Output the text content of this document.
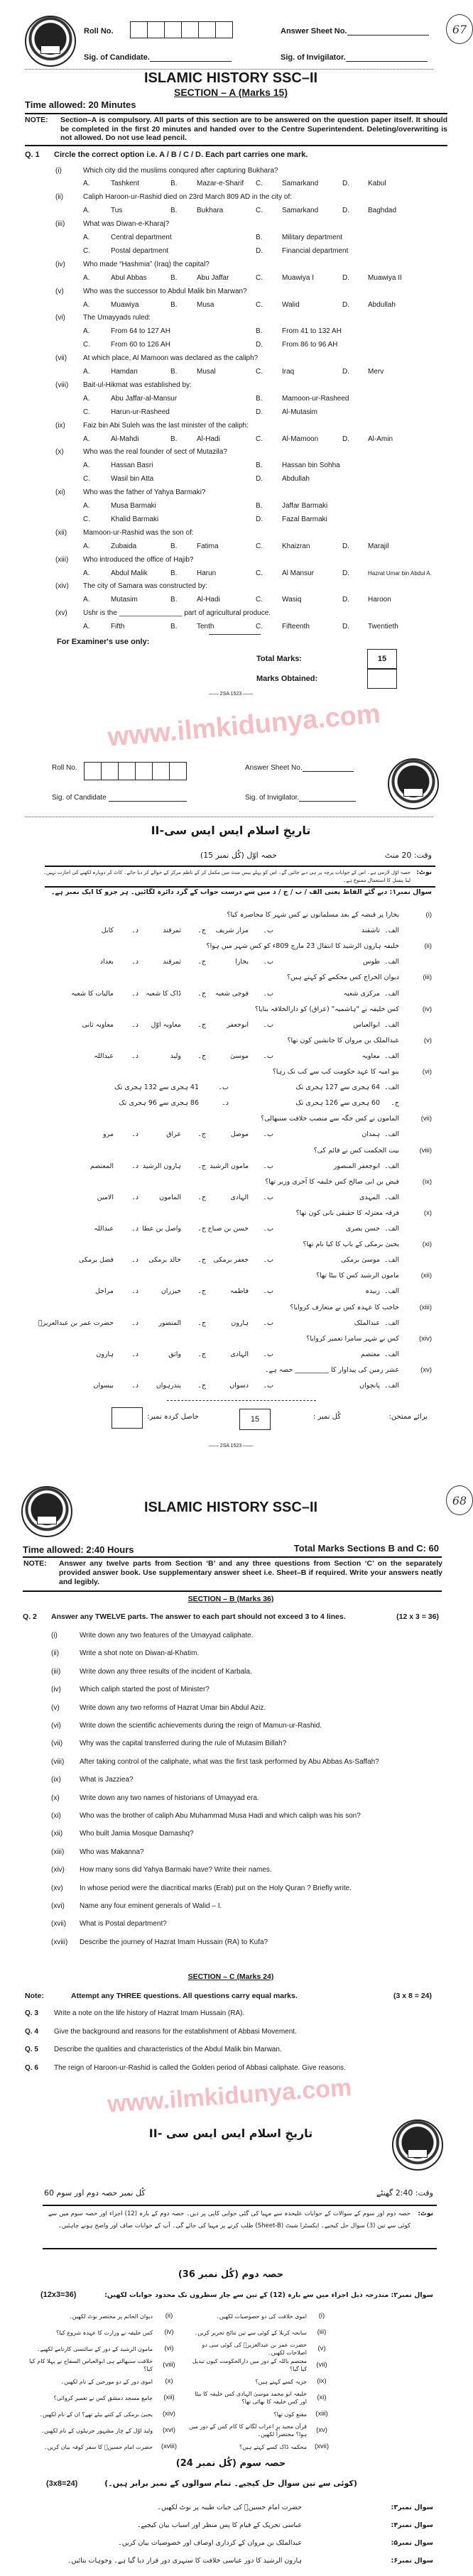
67
Roll No.	Answer Sheet No.
Sig. of Candidate.	Sig. of Invigilator.
ISLAMIC HISTORY SSC–II
SECTION – A (Marks 15)
Time allowed: 20 Minutes
NOTE: Section–A is compulsory. All parts of this section are to be answered on the question paper itself. It should be completed in the first 20 minutes and handed over to the Centre Superintendent. Deleting/overwriting is not allowed. Do not use lead pencil.
Q. 1 Circle the correct option i.e. A / B / C / D. Each part carries one mark.
(i)	Which city did the muslims conqured after capturing Bukhara?
A.	Tashkent	B.	Mazar-e-Sharif C.	Samarkand	D.	Kabul
(ii)	Caliph Haroon-ur-Rashid died on 23rd March 809 AD in the city of:
A.	Tus	B.	Bukhara	C.	Samarkand	D.	Baghdad
(iii)	What was Diwan-e-Kharaj?
A.	Central department	B.	Military department
C.	Postal department	D.	Financial department
(iv)	Who made “Hashmia” (Iraq) the capital?
A.	Abul Abbas	B.	Abu Jaffar	C.	Muawiya I	D.	Muawiya II
(v)	Who was the successor to Abdul Malik bin Marwan?
A.	Muawiya	B.	Musa	C.	Walid	D.	Abdullah
(vi)	The Umayyads ruled:
A.	From 64 to 127 AH	B.	From 41 to 132 AH
C.	From 60 to 126 AH	D.	From 86 to 96 AH
(vii) At which place, Al Mamoon was declared as the caliph?
A.	Hamdan	B.	Musal	C.	Iraq	D.	Merv
(viii) Bait-ul-Hikmat was established by:
A.	Abu Jaffar-al-Mansur	B.	Mamoon-ur-Rasheed
C.	Harun-ur-Rasheed	D.	Al-Mutasim
(ix)	Faiz bin Abi Suleh was the last minister of the caliph:
A.	Al-Mahdi	B.	Al-Hadi	C.	Al-Mamoon	D.	Al-Amin
(x)	Who was the real founder of sect of Mutazila?
A.	Hassan Basri	B.	Hassan bin Sohha
C.	Wasil bin Atta	D.	Abdullah
(xi)	Who was the father of Yahya Barmaki?
A.	Musa Barmaki	B.	Jaffar Barmaki
C.	Khalid Barmaki	D.	Fazal Barmaki
(xii) Mamoon-ur-Rashid was the son of:
A.	Zubaida	B.	Fatima	C.	Khaizran	D.	Marajil
(xiii) Who introduced the office of Hajib?
A.	Abdul Malik	B.	Harun	C.	Al Mansur	D.	Hazrat Umar bin Abdul A.
(xiv) The city of Samara was constructed by:
A.	Mutasim	B.	Al-Hadi	C.	Wasiq	D.	Haroon
(xv) Ushr is the ________________ part of agricultural produce.
A.	Fifth	B.	Tenth	C.	Fifteenth	D.	Twentieth
For Examiner's use only:
Total Marks:	15
Marks Obtained:
—— 2SA 1523 ——
www.ilmkidunya.com
Roll No.	Answer Sheet No.
Sig. of Candidate	Sig. of Invigilator.
تاریخِ اسلام ایس ایس سی-II
وقت: 20 منٹ
حصہ اوّل (کُل نمبر 15)
نوٹ:
حصہ اوّل لازمی ہے۔ اس کے جوابات پرچہ پر ہی دیے جائیں گے۔ اس کو پہلے بیس منٹ میں مکمل کر کے ناظم مرکز کے حوالے کر دیا جائے۔ کاٹ کر دوبارہ لکھنے کی اجازت نہیں۔ لیڈ پنسل کا استعمال ممنوع ہے۔
سوال نمبر۱: دیے گئے الفاظ یعنی الف / ب / ج / د میں سے درست جواب کے گرد دائرہ لگائیں۔ ہر جزو کا ایک نمبر ہے۔
(i)
بخارا پر قبضہ کے بعد مسلمانوں نے کس شہر کا محاصرہ کیا؟
الف۔
تاشقند
ب۔
مزار شریف
ج۔
ثمرقند
د۔
کابل
(ii)
خلیفہ ہارون الرشید کا انتقال 23 مارچ 809ء کو کس شہر میں ہوا؟
الف۔
طوس
ب۔
بخارا
ج۔
ثمرقند
د۔
بغداد
(iii)
دیوان الخراج کس محکمے کو کہتے ہیں؟
الف۔
مرکزی شعبہ
ب۔
فوجی شعبہ
ج۔
ڈاک کا شعبہ
د۔
مالیات کا شعبہ
(iv)
کس خلیفہ نے "ہاشمیہ" (عراق) کو دارالخلافہ بنایا؟
الف۔
ابوالعباس
ب۔
ابوجعفر
ج۔
معاویہ اوّل
د۔
معاویہ ثانی
(v)
عبدالملک بن مروان کا جانشین کون تھا؟
الف۔
معاویہ
ب۔
موسیٰ
ج۔
ولید
د۔
عبداللہ
(vi)
بنو امیہ کا عہد حکومت کب سے کب تک رہا؟
الف۔
64 ہجری سے 127 ہجری تک
ب۔
41 ہجری سے 132 ہجری تک
ج۔
60 ہجری سے 126 ہجری تک
د۔
86 ہجری سے 96 ہجری تک
(vii)
المامون نے کس جگہ سے منصب خلافت سنبھالی؟
الف۔
ہمدان
ب۔
موصل
ج۔
عراق
د۔
مرو
(viii)
بیت الحکمت کس نے قائم کی؟
الف۔
ابوجعفر المنصور
ب۔
مامون الرشید
ج۔
ہارون الرشید
د۔
المعتصم
(ix)
فیض بن ابی صالح کس خلیفہ کا آخری وزیر تھا؟
الف۔
المہدی
ب۔
الہادی
ج۔
المامون
د۔
الامین
(x)
فرقہ معتزلہ کا حقیقی بانی کون تھا؟
الف۔
حسن بصری
ب۔
حسن بن صباح
ج۔
واصل بن عطا
د۔
عبداللہ
(xi)
یحییٰ برمکی کے باپ کا کیا نام تھا؟
الف۔
موسیٰ برمکی
ب۔
جعفر برمکی
ج۔
خالد برمکی
د۔
فضل برمکی
(xii)
مامون الرشید کس کا بیٹا تھا؟
الف۔
زبیدہ
ب۔
فاطمہ
ج۔
خیزران
د۔
مراجل
(xiii)
حاجب کا عہدہ کس نے متعارف کروایا؟
الف۔
عبدالملک
ب۔
ہارون
ج۔
المنصور
د۔
حضرت عمر بن عبدالعزیزؒ
(xiv)
کس نے شہر سامرا تعمیر کروایا؟
الف۔
معتصم
ب۔
الہادی
ج۔
واثق
د۔
ہارون
(xv)
عشر زمین کی پیداوار کا __________ حصہ ہے۔
الف۔
پانچواں
ب۔
دسواں
ج۔
پندرہواں
د۔
بیسواں
برائے ممتحن:
کُل نمبر :
15
حاصل کردہ نمبر:
—— 2SA 1523 ——
68
ISLAMIC HISTORY SSC–II
Time allowed: 2:40 Hours	Total Marks Sections B and C: 60
NOTE: Answer any twelve parts from Section ‘B’ and any three questions from Section ‘C’ on the separately provided answer book. Use supplementary answer sheet i.e. Sheet–B if required. Write your answers neatly and legibly.
SECTION – B (Marks 36)
Q. 2 Answer any TWELVE parts. The answer to each part should not exceed 3 to 4 lines.	(12 x 3 = 36)
(i)	Write down any two features of the Umayyad caliphate.
(ii)	Write a shot note on Diwan-al-Khatim.
(iii)	Write down any three results of the incident of Karbala.
(iv)	Which caliph started the post of Minister?
(v)	Write down any two reforms of Hazrat Umar bin Abdul Aziz.
(vi)	Write down the scientific achievements during the reign of Mamun-ur-Rashid.
(vii) Why was the capital transferred during the rule of Mutasim Billah?
(viii) After taking control of the caliphate, what was the first task performed by Abu Abbas As-Saffah?
(ix)	What is Jazziea?
(x)	Write down any two names of historians of Umayyad era.
(xi)	Who was the brother of caliph Abu Muhammad Musa Hadi and which caliph was his son?
(xii) Who built Jamia Mosque Damashq?
(xiii) Who was Makanna?
(xiv) How many sons did Yahya Barmaki have? Write their names.
(xv) In whose period were the diacritical marks (Erab) put on the Holy Quran ? Briefly write.
(xvi) Name any four eminent generals of Walid – I.
(xvii) What is Postal department?
(xviii) Describe the journey of Hazrat Imam Hussain (RA) to Kufa?
SECTION – C (Marks 24)
Note:	Attempt any THREE questions. All questions carry equal marks.	(3 x 8 = 24)
Q. 3 Write a note on the life history of Hazrat Imam Hussain (RA).
Q. 4 Give the background and reasons for the establishment of Abbasi Movement.
Q. 5 Describe the qualities and characteristics of the Abdul Malik bin Marwan.
Q. 6 The reign of Haroon-ur-Rashid is called the Golden period of Abbasi caliphate. Give reasons.
www.ilmkidunya.com
تاریخِ اسلام ایس ایس سی -II
وقت: 2:40 گھنٹے
کُل نمبر حصہ دوم اور سوم 60
نوٹ:
حصہ دوم اور سوم کے سوالات کے جوابات علیحدہ سے مہیا کی گئی جوابی کاپی پر دیں۔ حصہ دوم کے بارہ (12) اجزاء اور حصہ سوم میں سے کوئی سے تین (3) سوال حل کیجیے۔ ایکسٹرا شیٹ (Sheet-B) طلب کرنے پر مہیا کی جائے گی۔ آپ کے جوابات صاف اور واضح ہونے چاہئیں۔
حصہ دوم (کُل نمبر 36)
سوال نمبر۲: مندرجہ ذیل اجزاء میں سے بارہ (12) کے تین سے چار سطروں تک محدود جوابات لکھیں:
(12x3=36)
(i)
اموی خلافت کی دو خصوصیات لکھیں۔
(ii)
دیوان الخاتم پر مختصر نوٹ لکھیں۔
(iii)
سانحہ کربلا کے کوئی سے تین نتائج تحریر کریں۔
(iv)
کس خلیفہ نے وزارت کا عہدہ شروع کیا؟
(v)
حضرت عمر بن عبدالعزیزؒ کی کوئی سی دو اصلاحات لکھیں۔
(vi)
مامون الرشید کے دور کے سائنسی کارنامے لکھیے۔
(vii)
معتصم باللہ کے دور میں دارالحکومت کیوں تبدیل کیا گیا؟
(viii)
خلافت سنبھالتے ہی ابوالعباس السفاح نے پہلا کام کیا کیا؟
(ix)
جزیہ کسے کہتے ہیں؟
(x)
اموی دور کے دو مورخین کے نام لکھیں۔
(xi)
خلیفہ ابو محمد موسیٰ الہادی کس خلیفہ کا بیٹا اور کس خلیفہ کا بھائی تھا؟
(xii)
جامع مسجد دمشق کس نے تعمیر کروائی؟
(xiii)
مقنع کون تھا؟
(xiv)
یحییٰ برمکی کے کتنے بیٹے تھے؟ ان کے نام لکھیں۔
(xv)
قرآن مجید پر اعراب لگانے کا کام کس کے دور میں ہوا؟ مختصراً لکھیں۔
(xvi)
ولید اوّل کے چار مشہور جرنیلوں کے نام لکھیں۔
(xvii)
محکمہ ڈاک کسے کہتے ہیں؟
(xviii)
حضرت امام حسینؓ کا سفر کوفہ بیان کریں۔
حصہ سوم (کُل نمبر 24)
(کوئی سے تین سوال حل کیجیے۔ تمام سوالوں کے نمبر برابر ہیں۔)
(3x8=24)
سوال نمبر۳:
حضرت امام حسینؓ کی حیات طیبہ پر نوٹ لکھیں۔
سوال نمبر۴:
عباسی تحریک کے قیام کا پس منظر اور اسباب بیان کیجیے۔
سوال نمبر۵:
عبدالملک بن مروان کے کرداری اوصاف اور خصوصیات بیان کریں۔
سوال نمبر۶:
ہارون الرشید کا دور عباسی خلافت کا سنہری دور قرار دیا گیا ہے۔ وجوہات بتائیں۔
